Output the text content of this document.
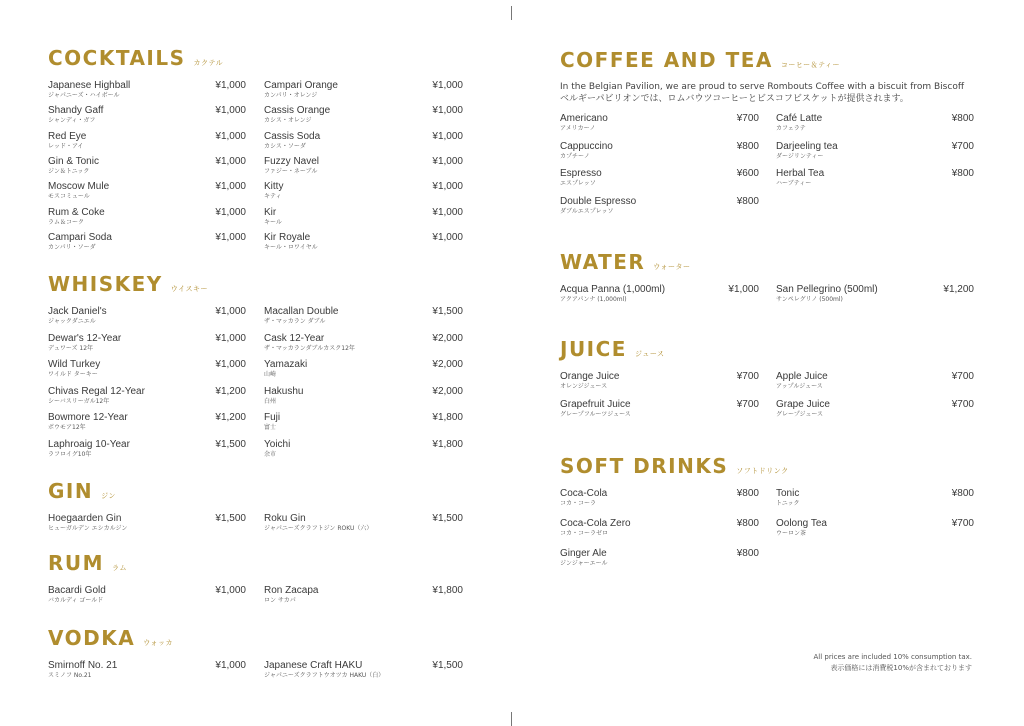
COCKTAILS カクテル
Japanese Highball
ジャパニーズ・ハイボール
¥1,000
Shandy Gaff
シャンディ・ガフ
¥1,000
Red Eye
レッド・アイ
¥1,000
Gin & Tonic
ジン＆トニック
¥1,000
Moscow Mule
モスコミュール
¥1,000
Rum & Coke
ラム＆コーク
¥1,000
Campari Soda
カンパリ・ソーダ
¥1,000
Campari Orange
カンパリ・オレンジ
¥1,000
Cassis Orange
カシス・オレンジ
¥1,000
Cassis Soda
カシス・ソーダ
¥1,000
Fuzzy Navel
ファジー・ネーブル
¥1,000
Kitty
キティ
¥1,000
Kir
キール
¥1,000
Kir Royale
キール・ロワイヤル
¥1,000
WHISKEY ウイスキー
Jack Daniel's
ジャックダニエル
¥1,000
Dewar's 12-Year
デュワーズ 12年
¥1,000
Wild Turkey
ワイルド ターキー
¥1,000
Chivas Regal 12-Year
シーバスリーガル12年
¥1,200
Bowmore 12-Year
ボウモア12年
¥1,200
Laphroaig 10-Year
ラフロイグ10年
¥1,500
Macallan Double
ザ・マッカラン ダブル
¥1,500
Cask 12-Year
ザ・マッカランダブルカスク12年
¥2,000
Yamazaki
山崎
¥2,000
Hakushu
白州
¥2,000
Fuji
富士
¥1,800
Yoichi
余市
¥1,800
GIN ジン
Hoegaarden Gin
ヒューガルデン エシカルジン
¥1,500 Roku Gin
ジャパニーズクラフトジン ROKU（六）
¥1,500
RUM ラム
Bacardi Gold
バカルディ ゴールド
¥1,000 Ron Zacapa
ロン サカパ
¥1,800
VODKA ウォッカ
Smirnoff No. 21
スミノフ No.21
¥1,000 Japanese Craft HAKU
ジャパニーズクラフトウオツカ HAKU（白）
¥1,500
COFFEE AND TEA コーヒー＆ティー
In the Belgian Pavilion, we are proud to serve Rombouts Coffee with a biscuit from Biscoff
ベルギーパビリオンでは、ロムバウツコーヒーとビスコフビスケットが提供されます。
Americano
アメリカーノ
¥700
Cappuccino
カプチーノ
¥800
Espresso
エスプレッソ
¥600
Double Espresso
ダブルエスプレッソ
¥800
Café Latte
カフェラテ
¥800
Darjeeling tea
ダージリンティー
¥700
Herbal Tea
ハーブティー
¥800
WATER ウォーター
Acqua Panna (1,000ml)
アクアパンナ (1,000ml)
¥1,000 San Pellegrino (500ml)
サンペレグリノ (500ml)
¥1,200
JUICE ジュース
Orange Juice
オレンジジュース
¥700
Grapefruit Juice
グレープフルーツジュース
¥700
Apple Juice
アップルジュース
¥700
Grape Juice
グレープジュース
¥700
SOFT DRINKS ソフトドリンク
Coca-Cola
コカ・コーラ
¥800
Coca-Cola Zero
コカ・コーラゼロ
¥800
Ginger Ale
ジンジャーエール
¥800
Tonic
トニック
¥800
Oolong Tea
ウーロン茶
¥700
All prices are included 10% consumption tax.
表示価格には消費税10%が含まれております
